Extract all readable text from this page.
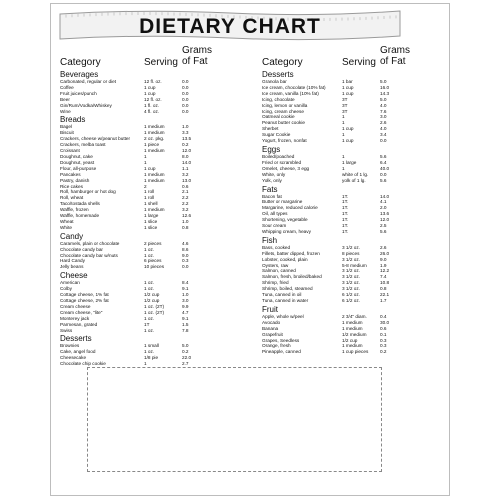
DIETARY CHART
Category	Serving
Grams
of Fat
Beverages
Carbonated, regular or diet	12 fl. oz.	0.0
Coffee	1 cup	0.0
Fruit juices/punch	1 cup	0.0
Beer	12 fl. oz.	0.0
Gin/Rum/Vodka/Whiskey	1 fl. oz.	0.0
Wine	4 fl. oz.	0.0
Breads
Bagel	1 medium	1.0
Biscuit	1 medium	3.3
Crackers, cheese w/peanut butter	2 oz. pkg.	13.5
Crackers, melba toast	1 piece	0.2
Croissant	1 medium	12.0
Doughnut, cake	1	8.0
Doughnut, yeast	1	14.0
Flour, all-purpose	1 cup	1.1
Pancakes	1 medium	3.2
Pastry, danish	1 medium	13.0
Rice cakes	2	0.6
Roll, hamburger or hot dog	1 roll	2.1
Roll, wheat	1 roll	2.2
Taco/tostada shells	1 shell	2.2
Waffle, frozen	1 medium	3.2
Waffle, homemade	1 large	12.6
Wheat	1 slice	1.0
White	1 slice	0.8
Candy
Caramels, plain or chocolate	2 pieces	4.6
Chocolate candy bar	1 oz.	8.6
Chocolate candy bar w/nuts	1 oz.	9.0
Hard Candy	6 pieces	0.3
Jelly beans	10 pieces	0.0
Cheese
American	1 oz.	8.4
Colby	1 oz.	9.1
Cottage cheese, 1% fat	1/2 cup	1.0
Cottage cheese, 2% fat	1/2 cup	3.0
Cream cheese	1 oz. (2T)	9.9
Cream cheese, "lite"	1 oz. (2T)	4.7
Monterey jack	1 oz.	9.1
Parmesan, grated	1T	1.5
Swiss	1 oz.	7.8
Desserts
Brownies	1 small	5.0
Cake, angel food	1 oz.	0.2
Cheesecake	1/8 pie	22.0
Chocolate chip cookie	1	2.7
Category	Serving
Grams
of Fat
Desserts
Granola bar	1 bar	5.0
Ice cream, chocolate (10% fat)	1 cup	16.0
Ice cream, vanilla (10% fat)	1 cup	14.3
Icing, chocolate	3T	5.0
Icing, lemon or vanilla	3T	4.0
Icing, cream cheese	3T	7.6
Oatmeal cookie	1	3.0
Peanut butter cookie	1	2.6
Sherbet	1 cup	4.0
Sugar Cookie	1	3.4
Yogurt, frozen, nonfat	1 cup	0.0
Eggs
Boiled/poached	1	5.6
Fried or scrambled	1 large	6.4
Omelet, cheese, 3 egg	1	40.0
White, only	white of 1 lg. 0.0
Yolk, only	yolk of 1 lg.	5.6
Fats
Bacon fat	1T.	14.0
Butter or margarine	1T.	4.1
Margarine, reduced calorie	1T.	2.0
Oil, all types	1T.	13.6
Shortening, vegetable	1T.	12.0
Sour cream	1T.	2.5
Whipping cream, heavy	1T.	5.6
Fish
Bass, cooked	3 1/2 oz.	2.6
Fillets, batter dipped, frozen	8 pieces	26.0
Lobster, cooked, plain	3 1/2 oz.	9.0
Oysters, raw	5-8 medium	1.9
Salmon, canned	3 1/2 oz.	12.2
Salmon, fresh, broiled/baked	3 1/2 oz.	7.4
Shrimp, fried	3 1/2 oz.	10.8
Shrimp, boiled, steamed	3 1/2 oz.	0.8
Tuna, canned in oil	6 1/2 oz.	22.1
Tuna, canned in water	6 1/2 oz.	1.7
Fruit
Apple, whole w/peel	2 3/4" diam.	0.4
Avocado	1 medium	30.0
Banana	1 medium	0.6
Grapefruit	1/2 medium	0.1
Grapes, Seedless	1/2 cup	0.3
Orange, fresh	1 medium	0.3
Pineapple, canned	1 cup pieces 0.2
